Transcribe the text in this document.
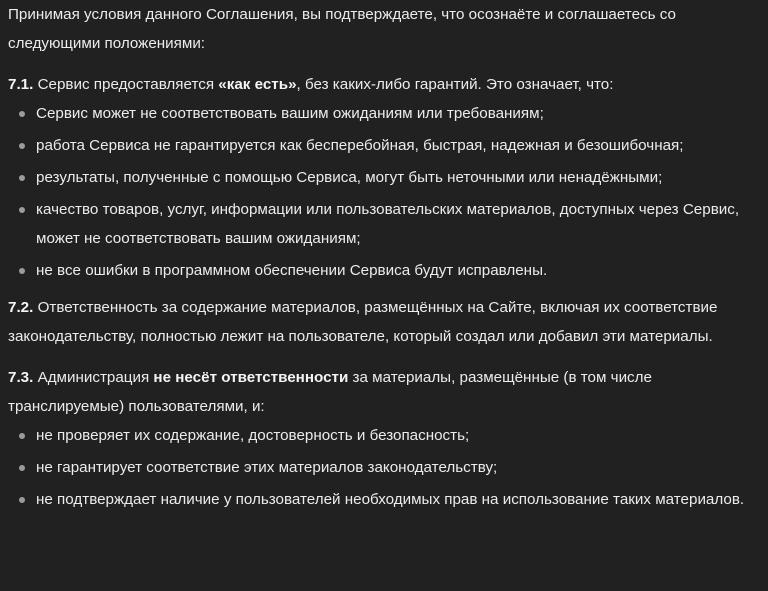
Принимая условия данного Соглашения, вы подтверждаете, что осознаёте и соглашаетесь со следующими положениями:

7.1. Сервис предоставляется «как есть», без каких-либо гарантий. Это означает, что:

Сервис может не соответствовать вашим ожиданиям или требованиям;
работа Сервиса не гарантируется как бесперебойная, быстрая, надежная и безошибочная;
результаты, полученные с помощью Сервиса, могут быть неточными или ненадёжными;
качество товаров, услуг, информации или пользовательских материалов, доступных через Сервис, может не соответствовать вашим ожиданиям;
не все ошибки в программном обеспечении Сервиса будут исправлены.

7.2. Ответственность за содержание материалов, размещённых на Сайте, включая их соответствие законодательству, полностью лежит на пользователе, который создал или добавил эти материалы.

7.3. Администрация не несёт ответственности за материалы, размещённые (в том числе транслируемые) пользователями, и:

не проверяет их содержание, достоверность и безопасность;
не гарантирует соответствие этих материалов законодательству;
не подтверждает наличие у пользователей необходимых прав на использование таких материалов.
